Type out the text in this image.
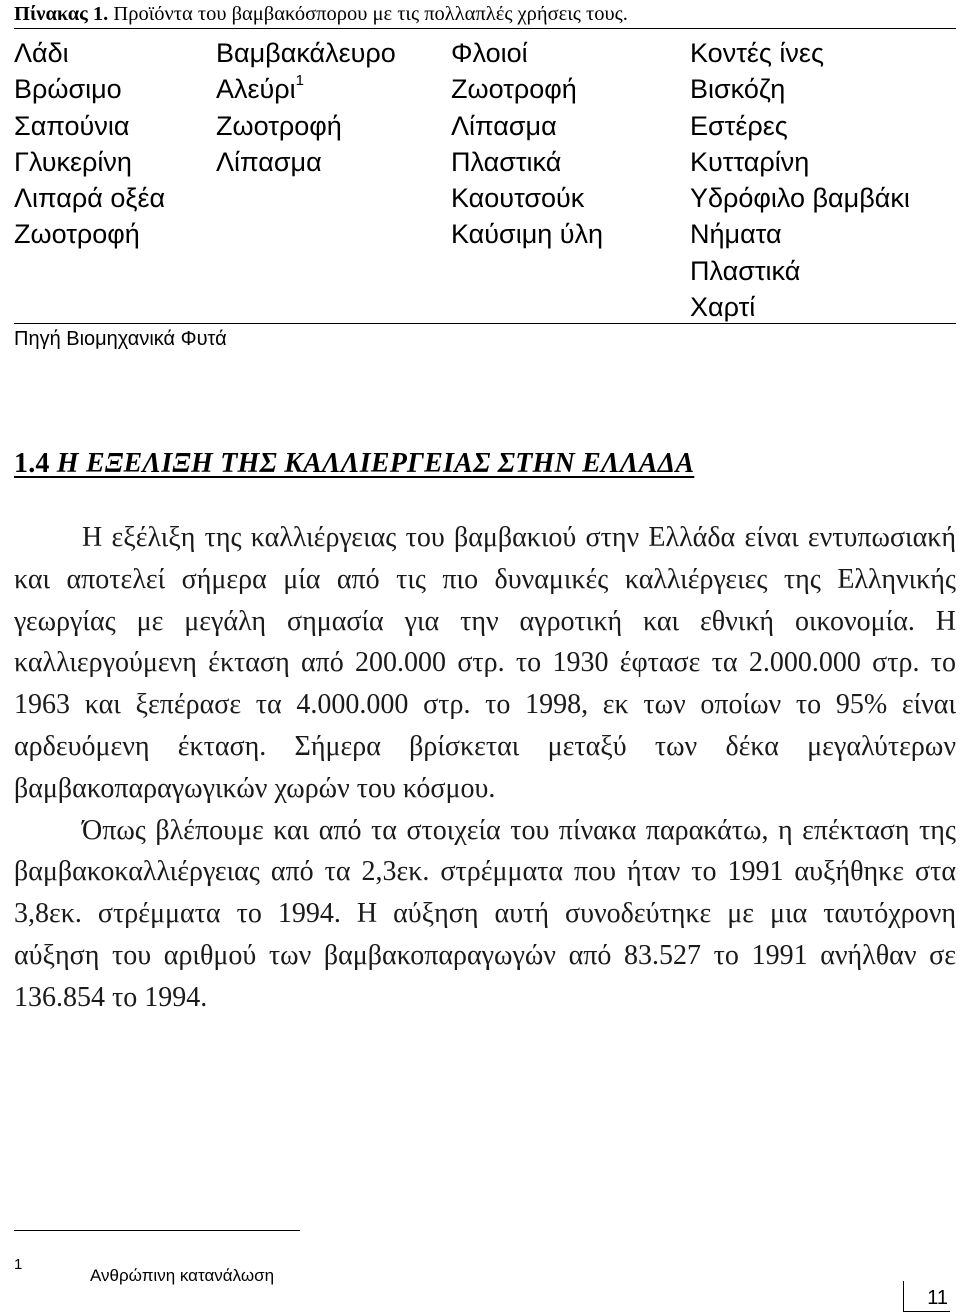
Πίνακας 1. Προϊόντα του βαμβακόσπορου με τις πολλαπλές χρήσεις τους.
Λάδι
Βρώσιμο
Σαπούνια
Γλυκερίνη
Λιπαρά οξέα
Ζωοτροφή
Βαμβακάλευρο
Αλεύρι$^1$
Ζωοτροφή
Λίπασμα
Φλοιοί
Ζωοτροφή
Λίπασμα
Πλαστικά
Καουτσούκ
Καύσιμη ύλη
Κοντές ίνες
Βισκόζη
Εστέρες
Κυτταρίνη
Υδρόφιλο βαμβάκι
Νήματα
Πλαστικά
Χαρτί
Πηγή Βιομηχανικά Φυτά
1.4 Η ΕΞΕΛΙΞΗ ΤΗΣ ΚΑΛΛΙΕΡΓΕΙΑΣ ΣΤΗΝ ΕΛΛΑΔΑ

Η εξέλιξη της καλλιέργειας του βαμβακιού στην Ελλάδα είναι εντυπωσιακή και αποτελεί σήμερα μία από τις πιο δυναμικές καλλιέργειες της Ελληνικής γεωργίας με μεγάλη σημασία για την αγροτική και εθνική οικονομία. Η καλλιεργούμενη έκταση από 200.000 στρ. το 1930 έφτασε τα 2.000.000 στρ. το 1963 και ξεπέρασε τα 4.000.000 στρ. το 1998, εκ των οποίων το 95% είναι αρδευόμενη έκταση. Σήμερα βρίσκεται μεταξύ των δέκα μεγαλύτερων βαμβακοπαραγωγικών χωρών του κόσμου.

Όπως βλέπουμε και από τα στοιχεία του πίνακα παρακάτω, η επέκταση της βαμβακοκαλλιέργειας από τα 2,3εκ. στρέμματα που ήταν το 1991 αυξήθηκε στα 3,8εκ. στρέμματα το 1994. Η αύξηση αυτή συνοδεύτηκε με μια ταυτόχρονη αύξηση του αριθμού των βαμβακοπαραγωγών από 83.527 το 1991 ανήλθαν σε 136.854 το 1994.

1
Ανθρώπινη κατανάλωση
11
